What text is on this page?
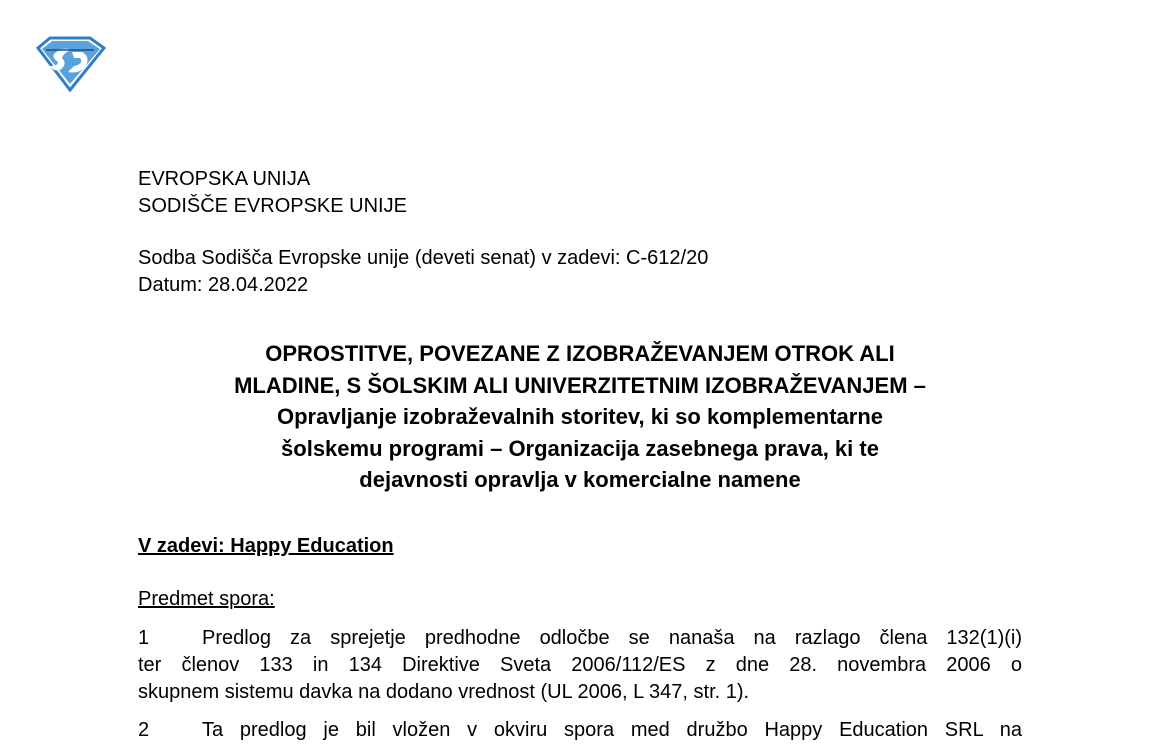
EVROPSKA UNIJA
SODIŠČE EVROPSKE UNIJE
Sodba Sodišča Evropske unije (deveti senat) v zadevi: C-612/20
Datum: 28.04.2022
OPROSTITVE, POVEZANE Z IZOBRAŽEVANJEM OTROK ALI
MLADINE, S ŠOLSKIM ALI UNIVERZITETNIM IZOBRAŽEVANJEM –
Opravljanje izobraževalnih storitev, ki so komplementarne
šolskemu programi – Organizacija zasebnega prava, ki te
dejavnosti opravlja v komercialne namene
V zadevi: Happy Education
Predmet spora:
1	Predlog za sprejetje predhodne odločbe se nanaša na razlago člena 132(1)(i)
ter členov 133 in 134 Direktive Sveta 2006/112/ES z dne 28. novembra 2006 o
skupnem sistemu davka na dodano vrednost (UL 2006, L 347, str. 1).
2	Ta predlog je bil vložen v okviru spora med družbo Happy Education SRL na
